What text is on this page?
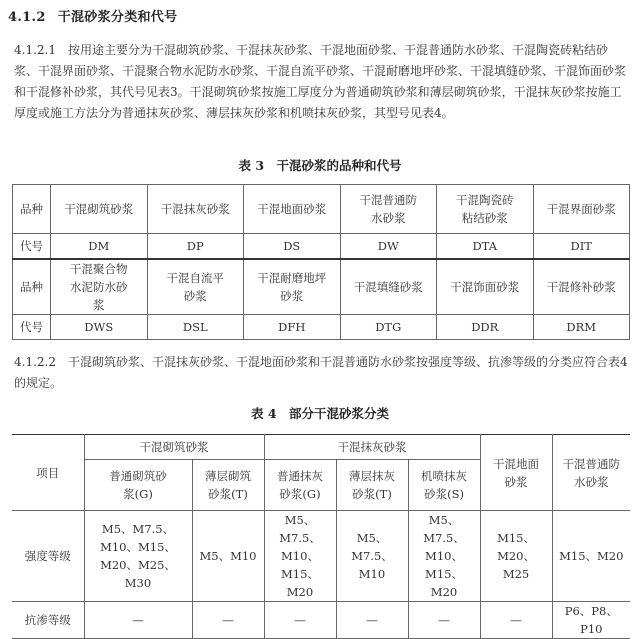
4.1.2 干混砂浆分类和代号
4.1.2.1 按用途主要分为干混砌筑砂浆、干混抹灰砂浆、干混地面砂浆、干混普通防水砂浆、干混陶瓷砖粘结砂浆、干混界面砂浆、干混聚合物水泥防水砂浆、干混自流平砂浆、干混耐磨地坪砂浆、干混填缝砂浆、干混饰面砂浆和干混修补砂浆，其代号见表3。干混砌筑砂浆按施工厚度分为普通砌筑砂浆和薄层砌筑砂浆，干混抹灰砂浆按施工厚度或施工方法分为普通抹灰砂浆、薄层抹灰砂浆和机喷抹灰砂浆，其型号见表4。
表 3　干混砂浆的品种和代号
品种	干混砌筑砂浆	干混抹灰砂浆	干混地面砂浆	干混普通防水砂浆	干混陶瓷砖粘结砂浆	干混界面砂浆
代号	DM	DP	DS	DW	DTA	DIT
品种	干混聚合物水泥防水砂浆	干混自流平砂浆	干混耐磨地坪砂浆	干混填缝砂浆	干混饰面砂浆	干混修补砂浆
代号	DWS	DSL	DFH	DTG	DDR	DRM
4.1.2.2 干混砌筑砂浆、干混抹灰砂浆、干混地面砂浆和干混普通防水砂浆按强度等级、抗渗等级的分类应符合表4的规定。
表 4　部分干混砂浆分类
项目	干混砌筑砂浆		干混抹灰砂浆			干混地面砂浆	干混普通防水砂浆
	普通砌筑砂浆(G)	薄层砌筑砂浆(T)	普通抹灰砂浆(G)	薄层抹灰砂浆(T)	机喷抹灰砂浆(S)		
强度等级	M5、M7.5、M10、M15、M20、M25、M30	M5、M10	M5、M7.5、M10、M15、M20	M5、M7.5、M10	M5、M7.5、M10、M15、M20	M15、M20、M25	M15、M20
抗渗等级	—	—	—	—	—	—	P6、P8、P10
